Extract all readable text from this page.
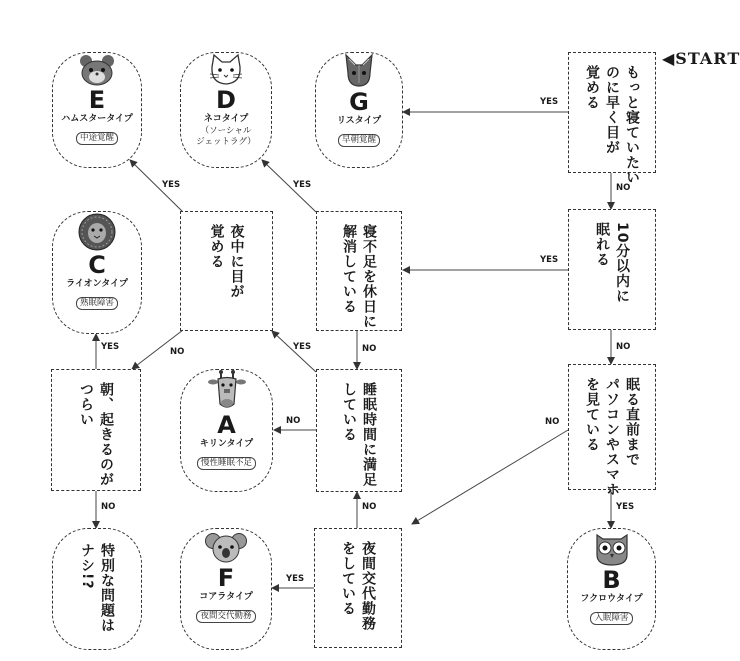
◀START
もっと寝ていたい
のに早く目が
覚める
10分以内に
眠れる
眠る直前まで
パソコンやスマホ
を見ている
寝不足を休日に
解消している
夜中に目が
覚める
朝、起きるのが
つらい	睡眠時間に満足
している
夜間交代勤務
をしている
E
ハムスタータイプ
中途覚醒
D
ネコタイプ
（ソーシャル
ジェットラグ）
G
リスタイプ
早朝覚醒
C
ライオンタイプ
熟眠障害
A
キリンタイプ
慢性睡眠不足
F
コアラタイプ
夜間交代勤務
B
フクロウタイプ
入眠障害
特別な問題は
ナシ!?
YES
NO
YES
NO
YES
NO
YES
NO
YES
NO	YES
NO
YES
NO	NO
YES
